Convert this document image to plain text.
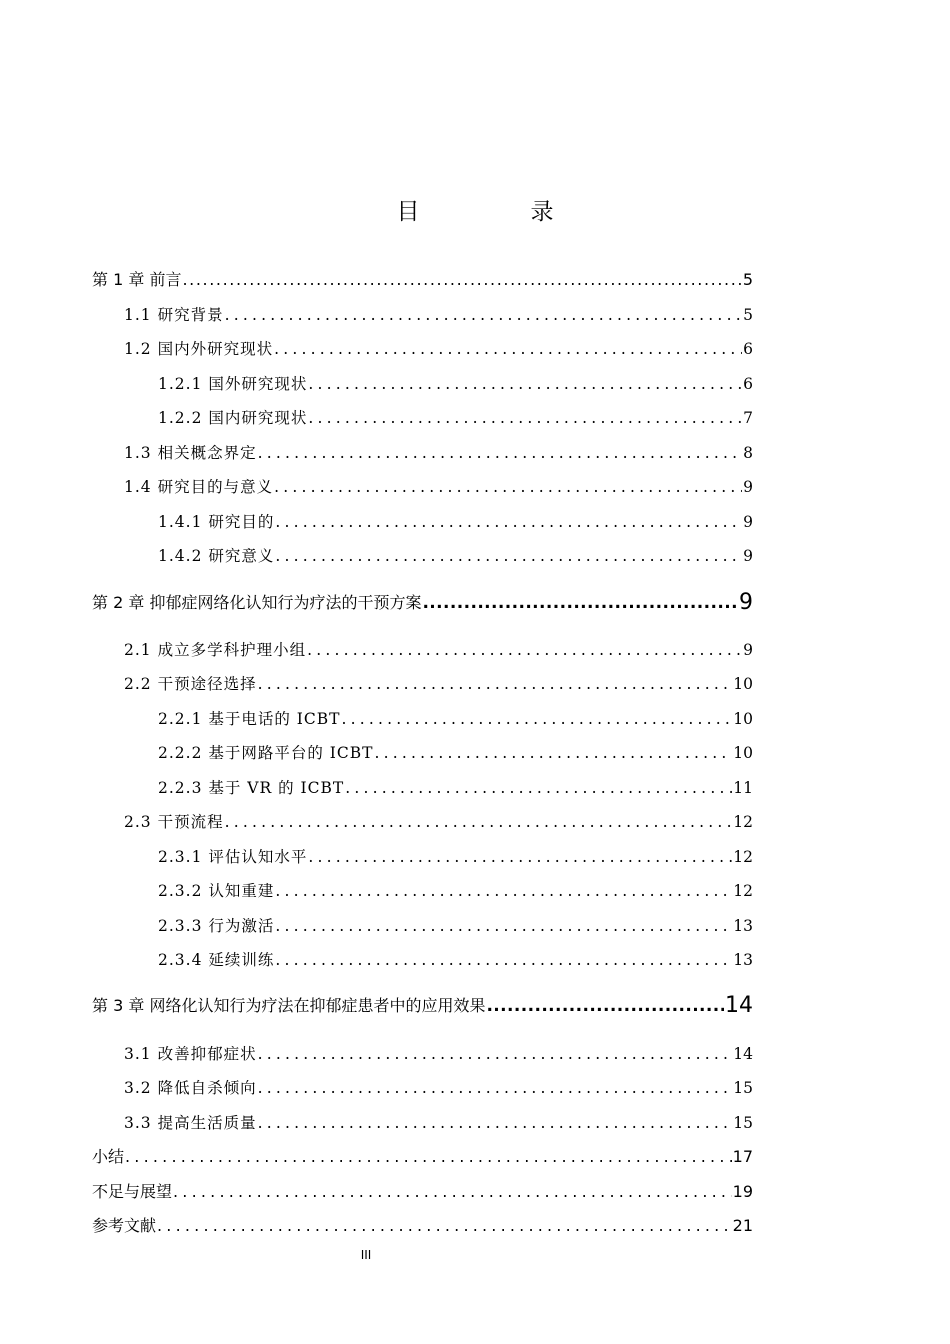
目　录
第 1 章 前言 .....	5
1.1 研究背景 .....	5
1.2 国内外研究现状 .....	6
1.2.1 国外研究现状 .....	6
1.2.2 国内研究现状 .....	7
1.3 相关概念界定 .....	8
1.4 研究目的与意义 .....	9
1.4.1 研究目的 .....	9
1.4.2 研究意义 .....	9
第 2 章 抑郁症网络化认知行为疗法的干预方案 .....	9
2.1 成立多学科护理小组 .....	9
2.2 干预途径选择 .....	10
2.2.1 基于电话的 ICBT .....	10
2.2.2 基于网路平台的 ICBT .....	10
2.2.3 基于 VR 的 ICBT .....	11
2.3 干预流程 .....	12
2.3.1 评估认知水平 .....	12
2.3.2 认知重建 .....	12
2.3.3 行为激活 .....	13
2.3.4 延续训练 .....	13
第 3 章 网络化认知行为疗法在抑郁症患者中的应用效果 .....	14
3.1 改善抑郁症状 .....	14
3.2 降低自杀倾向 .....	15
3.3 提高生活质量 .....	15
小结 .....	17
不足与展望 .....	19
参考文献 .....	21
III
